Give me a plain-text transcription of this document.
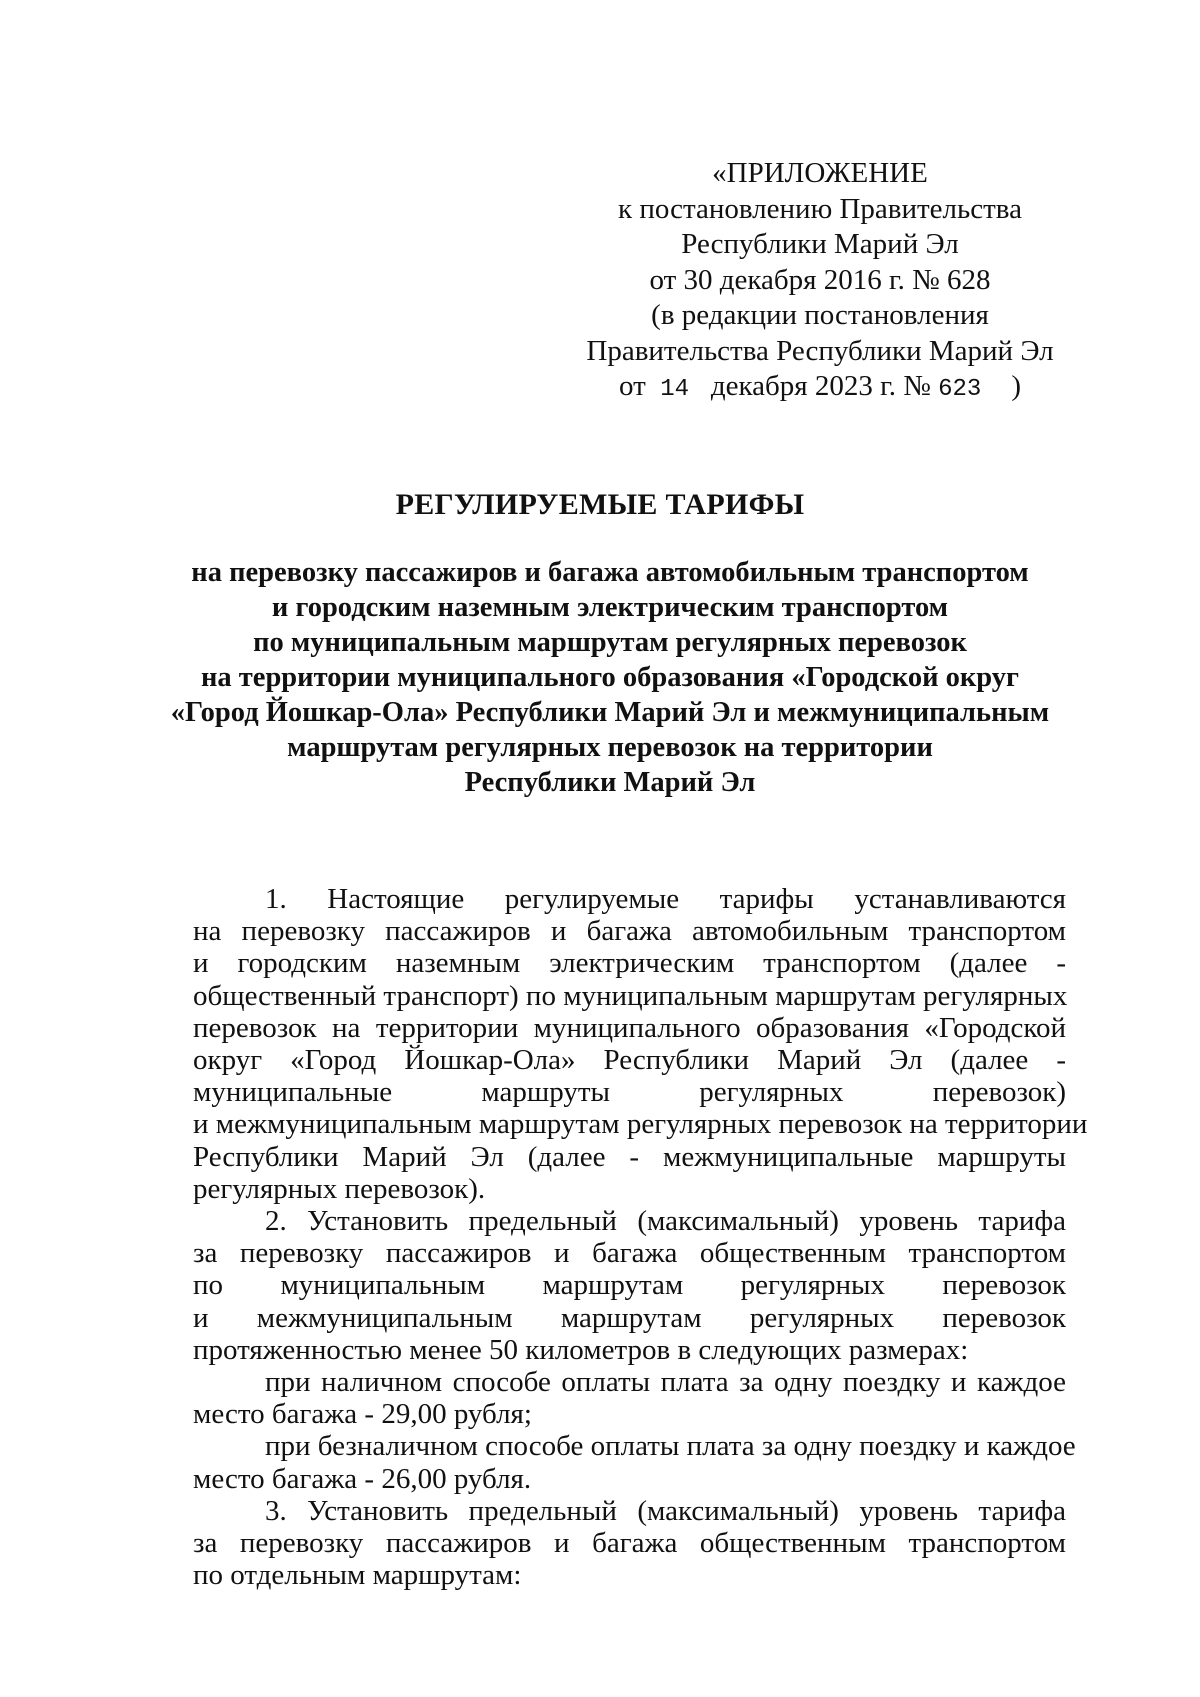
«ПРИЛОЖЕНИЕ
к постановлению Правительства
Республики Марий Эл
от 30 декабря 2016 г. № 628
(в редакции постановления
Правительства Республики Марий Эл
от 14 декабря 2023 г. № 623 )
РЕГУЛИРУЕМЫЕ ТАРИФЫ
на перевозку пассажиров и багажа автомобильным транспортом
и городским наземным электрическим транспортом
по муниципальным маршрутам регулярных перевозок
на территории муниципального образования «Городской округ
«Город Йошкар-Ола» Республики Марий Эл и межмуниципальным
маршрутам регулярных перевозок на территории
Республики Марий Эл
1. Настоящие регулируемые тарифы устанавливаются
на перевозку пассажиров и багажа автомобильным транспортом
и городским наземным электрическим транспортом (далее -
общественный транспорт) по муниципальным маршрутам регулярных
перевозок на территории муниципального образования «Городской
округ «Город Йошкар-Ола» Республики Марий Эл (далее -
муниципальные маршруты регулярных перевозок)
и межмуниципальным маршрутам регулярных перевозок на территории
Республики Марий Эл (далее - межмуниципальные маршруты
регулярных перевозок).
2. Установить предельный (максимальный) уровень тарифа
за перевозку пассажиров и багажа общественным транспортом
по муниципальным маршрутам регулярных перевозок
и межмуниципальным маршрутам регулярных перевозок
протяженностью менее 50 километров в следующих размерах:
при наличном способе оплаты плата за одну поездку и каждое
место багажа - 29,00 рубля;
при безналичном способе оплаты плата за одну поездку и каждое
место багажа - 26,00 рубля.
3. Установить предельный (максимальный) уровень тарифа
за перевозку пассажиров и багажа общественным транспортом
по отдельным маршрутам:
